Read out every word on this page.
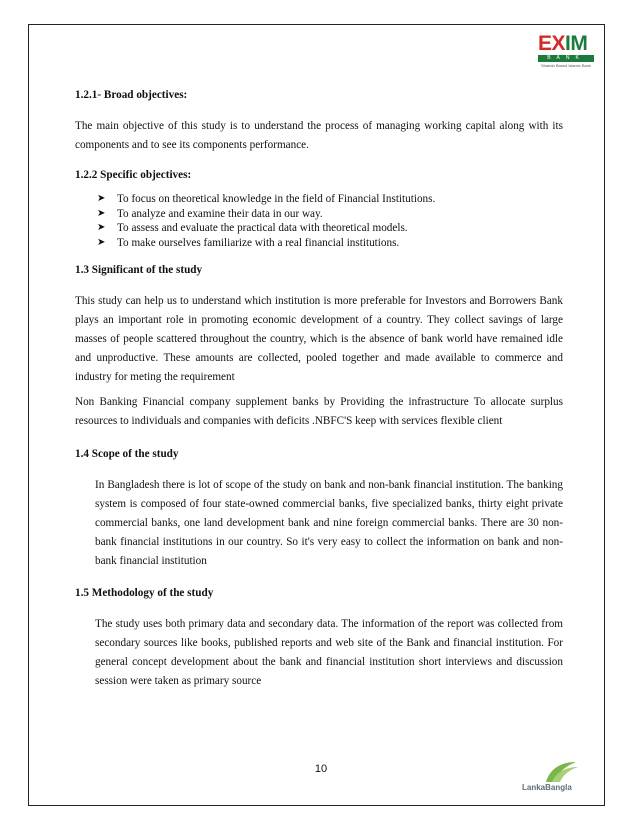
EXIM
BANK
Shariah Based Islamic Bank

1.2.1- Broad objectives:

The main objective of this study is to understand the process of managing working capital along with its components and to see its components performance.

1.2.2 Specific objectives:

➤ To focus on theoretical knowledge in the field of Financial Institutions.
➤ To analyze and examine their data in our way.
➤ To assess and evaluate the practical data with theoretical models.
➤ To make ourselves familiarize with a real financial institutions.

1.3 Significant of the study

This study can help us to understand which institution is more preferable for Investors and Borrowers Bank plays an important role in promoting economic development of a country. They collect savings of large masses of people scattered throughout the country, which is the absence of bank world have remained idle and unproductive. These amounts are collected, pooled together and made available to commerce and industry for meting the requirement

Non Banking Financial company supplement banks by Providing the infrastructure To allocate surplus resources to individuals and companies with deficits .NBFC'S keep with services flexible client

1.4 Scope of the study

In Bangladesh there is lot of scope of the study on bank and non-bank financial institution. The banking system is composed of four state-owned commercial banks, five specialized banks, thirty eight private commercial banks, one land development bank and nine foreign commercial banks. There are 30 non-bank financial institutions in our country. So it's very easy to collect the information on bank and non-bank financial institution

1.5 Methodology of the study

The study uses both primary data and secondary data. The information of the report was collected from secondary sources like books, published reports and web site of the Bank and financial institution. For general concept development about the bank and financial institution short interviews and discussion session were taken as primary source

10
LankaBangla
